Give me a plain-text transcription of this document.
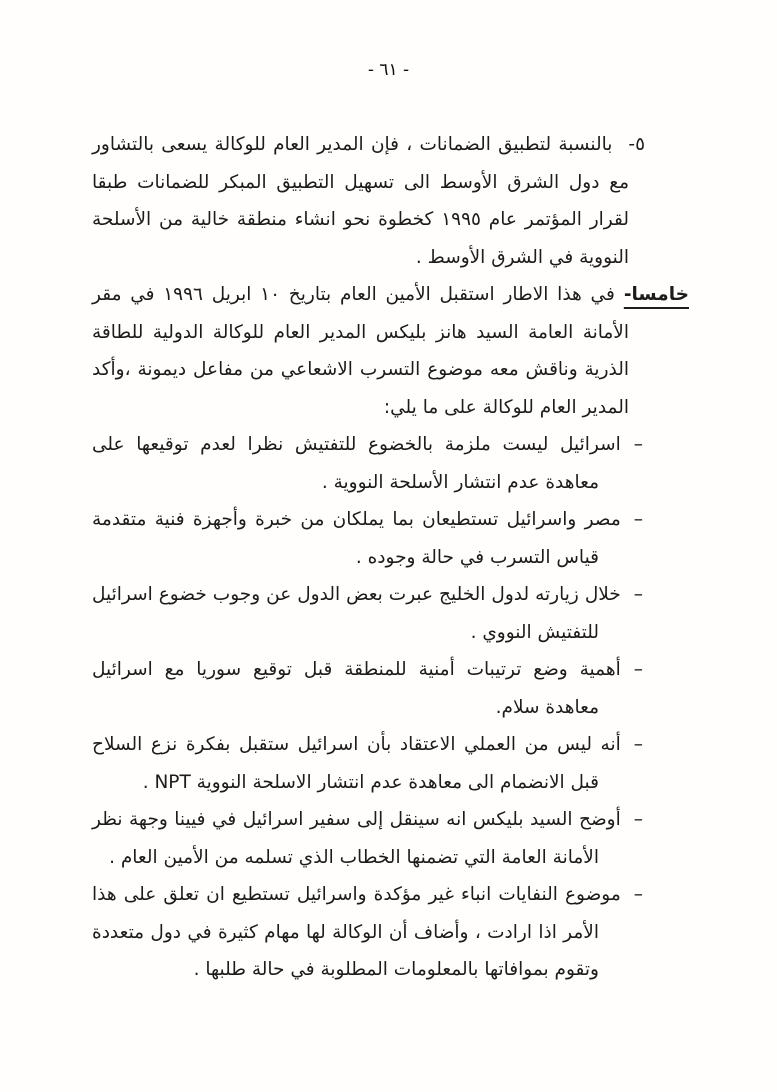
- ٦١ -

٥-بالنسبة لتطبيق الضمانات ، فإن المدير العام للوكالة يسعى بالتشاور مع دول الشرق الأوسط الى تسهيل التطبيق المبكر للضمانات طبقا لقرار المؤتمر عام ١٩٩٥ كخطوة نحو انشاء منطقة خالية من الأسلحة النووية في الشرق الأوسط .

خامسا-في هذا الاطار استقبل الأمين العام بتاريخ ١٠ ابريل ١٩٩٦ في مقر الأمانة العامة السيد هانز بليكس المدير العام للوكالة الدولية للطاقة الذرية وناقش معه موضوع التسرب الاشعاعي من مفاعل ديمونة ،وأكد المدير العام للوكالة على ما يلي:

–اسرائيل ليست ملزمة بالخضوع للتفتيش نظرا لعدم توقيعها على معاهدة عدم انتشار الأسلحة النووية .

–مصر واسرائيل تستطيعان بما يملكان من خبرة وأجهزة فنية متقدمة قياس التسرب في حالة وجوده .

–خلال زيارته لدول الخليج عبرت بعض الدول عن وجوب خضوع اسرائيل للتفتيش النووي .

–أهمية وضع ترتيبات أمنية للمنطقة قبل توقيع سوريا مع اسرائيل معاهدة سلام.

–أنه ليس من العملي الاعتقاد بأن اسرائيل ستقبل بفكرة نزع السلاح قبل الانضمام الى معاهدة عدم انتشار الاسلحة النووية NPT .

–أوضح السيد بليكس انه سينقل إلى سفير اسرائيل في فيينا وجهة نظر الأمانة العامة التي تضمنها الخطاب الذي تسلمه من الأمين العام .

–موضوع النفايات انباء غير مؤكدة واسرائيل تستطيع ان تعلق على هذا الأمر اذا ارادت ، وأضاف أن الوكالة لها مهام كثيرة في دول متعددة وتقوم بموافاتها بالمعلومات المطلوبة في حالة طلبها .
